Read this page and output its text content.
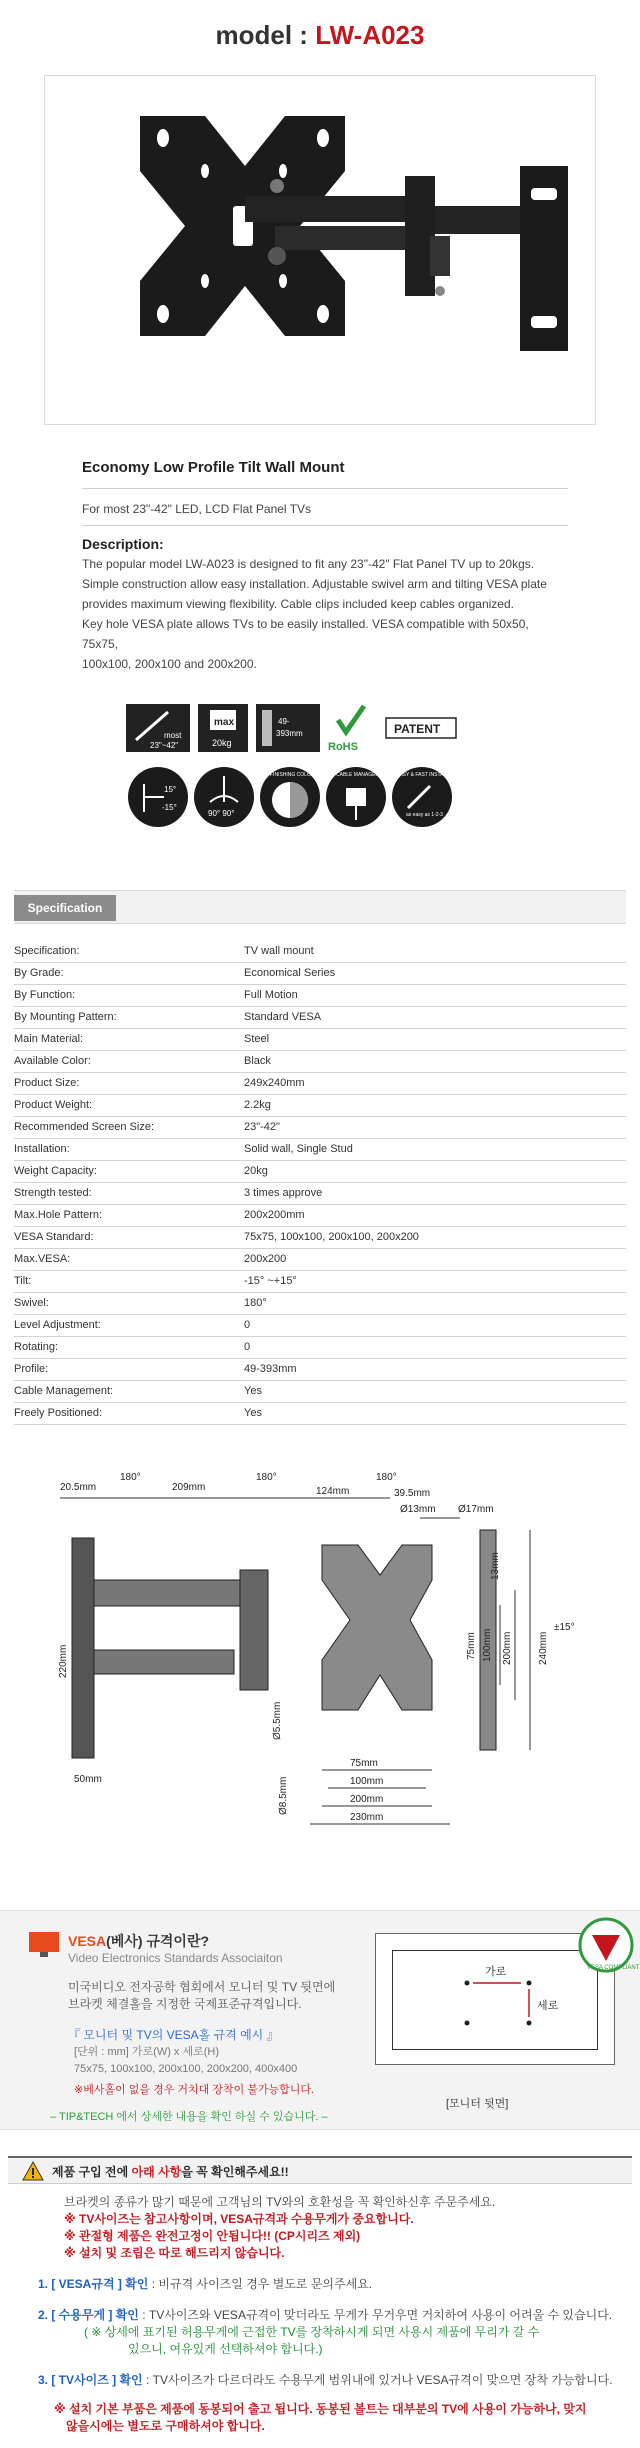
model : LW-A023
Economy Low Profile Tilt Wall Mount
For most 23"-42" LED, LCD Flat Panel TVs
Description:
The popular model LW-A023 is designed to fit any 23"-42" Flat Panel TV up to 20kgs.
Simple construction allow easy installation. Adjustable swivel arm and tilting VESA plate
provides maximum viewing flexibility. Cable clips included keep cables organized.
Key hole VESA plate allows TVs to be easily installed. VESA compatible with 50x50, 75x75,
100x100, 200x100 and 200x200.
most
23"~42"
max
20kg
49-
393mm
RoHS
PATENT
15°
-15°
90° 90°
FINISHING COLOR	CABLE MANAGEMENT EASY & FAST INSTALLATION
as easy as 1-2-3
Specification
Specification:	TV wall mount
By Grade:	Economical Series
By Function:	Full Motion
By Mounting Pattern:	Standard VESA
Main Material:	Steel
Available Color:	Black
Product Size:	249x240mm
Product Weight:	2.2kg
Recommended Screen Size:	23"-42"
Installation:	Solid wall, Single Stud
Weight Capacity:	20kg
Strength tested:	3 times approve
Max.Hole Pattern:	200x200mm
VESA Standard:	75x75, 100x100, 200x100, 200x200
Max.VESA:	200x200
Tilt:	-15° ~+15°
Swivel:	180°
Level Adjustment:	0
Rotating:	0
Profile:	49-393mm
Cable Management:	Yes
Freely Positioned:	Yes
20.5mm
180°
209mm
180°
124mm
180°
39.5mm
Ø13mm Ø17mm
220mm
13mm
75mm 100mm 200mm	240mm
±15°
Ø5.5mm
Ø8.5mm
50mm
75mm
100mm
200mm
230mm
VESA(베사) 규격이란?
Video Electronics Standards Associaiton
미국비디오 전자공학 협회에서 모니터 및 TV 뒷면에
브라켓 체결홀을 지정한 국제표준규격입니다.
『 모니터 및 TV의 VESA홀 규격 예시 』
[단위 : mm] 가로(W) x 세로(H)
75x75, 100x100, 200x100, 200x200, 400x400
※베사홀이 없을 경우 거치대 장착이 불가능합니다.
– TIP&TECH 에서 상세한 내용을 확인 하실 수 있습니다. –
가로
세로
VESA COMPLIANT
[모니터 뒷면]
제품 구입 전에 아래 사항을 꼭 확인해주세요!!
브라켓의 종류가 많기 때문에 고객님의 TV와의 호환성을 꼭 확인하신후 주문주세요.
※ TV사이즈는 참고사항이며, VESA규격과 수용무게가 중요합니다.
※ 관절형 제품은 완전고정이 안됩니다!! (CP시리즈 제외)
※ 설치 및 조립은 따로 해드리지 않습니다.
1. [ VESA규격 ] 확인 : 비규격 사이즈일 경우 별도로 문의주세요.
2. [ 수용무게 ] 확인 : TV사이즈와 VESA규격이 맞더라도 무게가 무거우면 거치하여 사용이 어려울 수 있습니다.
( ※ 상세에 표기된 허용무게에 근접한 TV를 장착하시게 되면 사용시 제품에 무리가 갈 수
있으니, 여유있게 선택하셔야 합니다.)
3. [ TV사이즈 ] 확인 : TV사이즈가 다르더라도 수용무게 범위내에 있거나 VESA규격이 맞으면 장착 가능합니다.
※ 설치 기본 부품은 제품에 동봉되어 출고 됩니다. 동봉된 볼트는 대부분의 TV에 사용이 가능하나, 맞지
않을시에는 별도로 구매하셔야 합니다.
